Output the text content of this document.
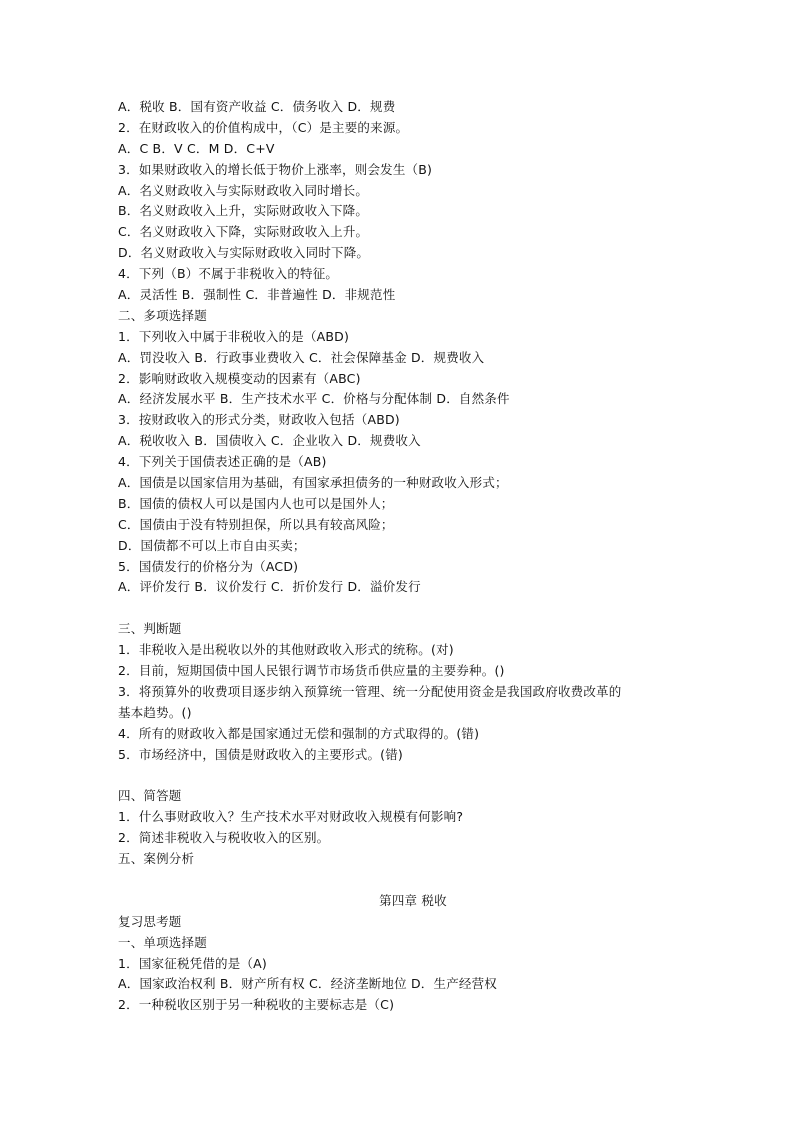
A．税收 B．国有资产收益 C．债务收入 D．规费
2．在财政收入的价值构成中，（C）是主要的来源。
A．C B．V C．M D．C+V
3．如果财政收入的增长低于物价上涨率，则会发生（B)
A．名义财政收入与实际财政收入同时增长。
B．名义财政收入上升，实际财政收入下降。
C．名义财政收入下降，实际财政收入上升。
D．名义财政收入与实际财政收入同时下降。
4．下列（B）不属于非税收入的特征。
A．灵活性 B．强制性 C．非普遍性 D．非规范性
二、多项选择题
1．下列收入中属于非税收入的是（ABD)
A．罚没收入 B．行政事业费收入 C．社会保障基金 D．规费收入
2．影响财政收入规模变动的因素有（ABC)
A．经济发展水平 B．生产技术水平 C．价格与分配体制 D．自然条件
3．按财政收入的形式分类，财政收入包括（ABD)
A．税收收入 B．国债收入 C．企业收入 D．规费收入
4．下列关于国债表述正确的是（AB)
A．国债是以国家信用为基础，有国家承担债务的一种财政收入形式；
B．国债的债权人可以是国内人也可以是国外人；
C．国债由于没有特别担保，所以具有较高风险；
D．国债都不可以上市自由买卖；
5．国债发行的价格分为（ACD)
A．评价发行 B．议价发行 C．折价发行 D．溢价发行
三、判断题
1．非税收入是出税收以外的其他财政收入形式的统称。(对)
2．目前，短期国债中国人民银行调节市场货币供应量的主要券种。()
3．将预算外的收费项目逐步纳入预算统一管理、统一分配使用资金是我国政府收费改革的
基本趋势。()
4．所有的财政收入都是国家通过无偿和强制的方式取得的。(错)
5．市场经济中，国债是财政收入的主要形式。(错)
四、简答题
1．什么事财政收入？生产技术水平对财政收入规模有何影响?
2．简述非税收入与税收收入的区别。
五、案例分析
第四章 税收
复习思考题
一、单项选择题
1．国家征税凭借的是（A)
A．国家政治权利 B．财产所有权 C．经济垄断地位 D．生产经营权
2．一种税收区别于另一种税收的主要标志是（C)
